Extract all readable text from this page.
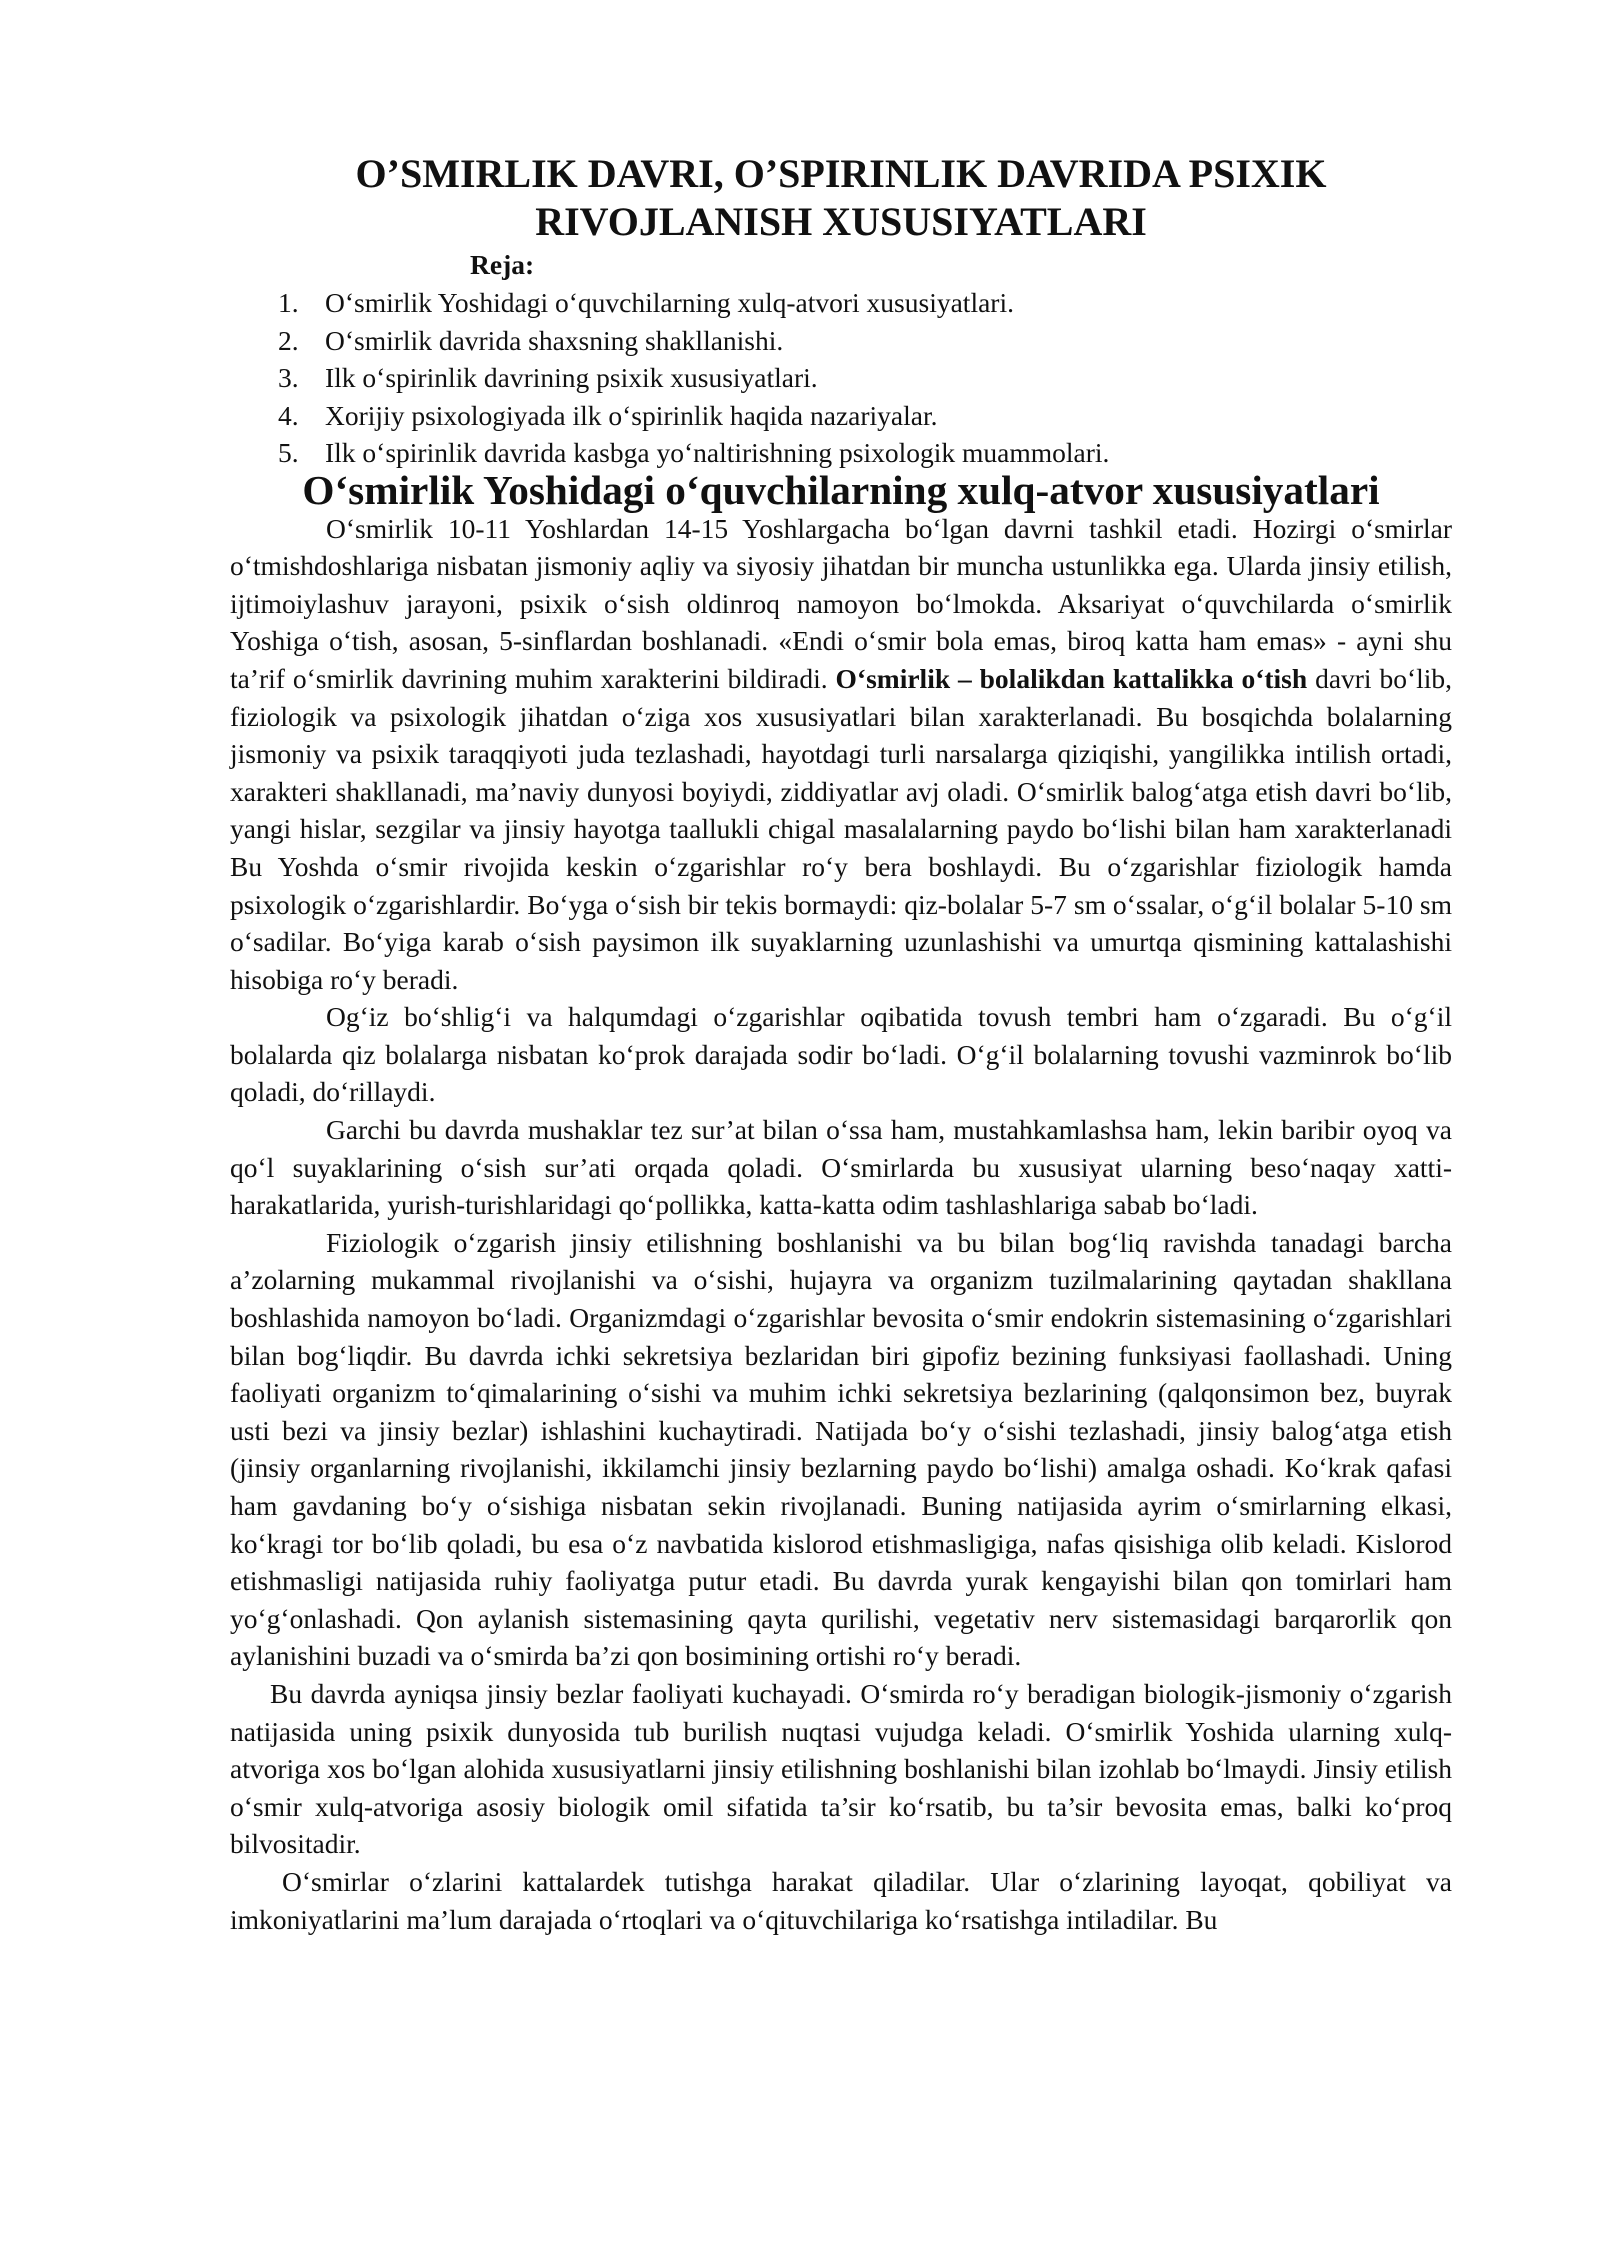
O’SMIRLIK DAVRI, O’SPIRINLIK DAVRIDA PSIXIK RIVOJLANISH XUSUSIYATLARI
Reja:
1. O‘smirlik Yoshidagi o‘quvchilarning xulq-atvori xususiyatlari.
2. O‘smirlik davrida shaxsning shakllanishi.
3. Ilk o‘spirinlik davrining psixik xususiyatlari.
4. Xorijiy psixologiyada ilk o‘spirinlik haqida nazariyalar.
5. Ilk o‘spirinlik davrida kasbga yo‘naltirishning psixologik muammolari.
O‘smirlik Yoshidagi o‘quvchilarning xulq-atvor xususiyatlari

O‘smirlik 10-11 Yoshlardan 14-15 Yoshlargacha bo‘lgan davrni tashkil etadi. Hozirgi o‘smirlar o‘tmishdoshlariga nisbatan jismoniy aqliy va siyosiy jihatdan bir muncha ustunlikka ega. Ularda jinsiy etilish, ijtimoiylashuv jarayoni, psixik o‘sish oldinroq namoyon bo‘lmokda. Aksariyat o‘quvchilarda o‘smirlik Yoshiga o‘tish, asosan, 5-sinflardan boshlanadi. «Endi o‘smir bola emas, biroq katta ham emas» - ayni shu ta’rif o‘smirlik davrining muhim xarakterini bildiradi. O‘smirlik – bolalikdan kattalikka o‘tish davri bo‘lib, fiziologik va psixologik jihatdan o‘ziga xos xususiyatlari bilan xarakterlanadi. Bu bosqichda bolalarning jismoniy va psixik taraqqiyoti juda tezlashadi, hayotdagi turli narsalarga qiziqishi, yangilikka intilish ortadi, xarakteri shakllanadi, ma’naviy dunyosi boyiydi, ziddiyatlar avj oladi. O‘smirlik balog‘atga etish davri bo‘lib, yangi hislar, sezgilar va jinsiy hayotga taallukli chigal masalalarning paydo bo‘lishi bilan ham xarakterlanadi Bu Yoshda o‘smir rivojida keskin o‘zgarishlar ro‘y bera boshlaydi. Bu o‘zgarishlar fiziologik hamda psixologik o‘zgarishlardir. Bo‘yga o‘sish bir tekis bormaydi: qiz-bolalar 5-7 sm o‘ssalar, o‘g‘il bolalar 5-10 sm o‘sadilar. Bo‘yiga karab o‘sish paysimon ilk suyaklarning uzunlashishi va umurtqa qismining kattalashishi hisobiga ro‘y beradi.

Og‘iz bo‘shlig‘i va halqumdagi o‘zgarishlar oqibatida tovush tembri ham o‘zgaradi. Bu o‘g‘il bolalarda qiz bolalarga nisbatan ko‘prok darajada sodir bo‘ladi. O‘g‘il bolalarning tovushi vazminrok bo‘lib qoladi, do‘rillaydi.

Garchi bu davrda mushaklar tez sur’at bilan o‘ssa ham, mustahkamlashsa ham, lekin baribir oyoq va qo‘l suyaklarining o‘sish sur’ati orqada qoladi. O‘smirlarda bu xususiyat ularning beso‘naqay xatti-harakatlarida, yurish-turishlaridagi qo‘pollikka, katta-katta odim tashlashlariga sabab bo‘ladi.

Fiziologik o‘zgarish jinsiy etilishning boshlanishi va bu bilan bog‘liq ravishda tanadagi barcha a’zolarning mukammal rivojlanishi va o‘sishi, hujayra va organizm tuzilmalarining qaytadan shakllana boshlashida namoyon bo‘ladi. Organizmdagi o‘zgarishlar bevosita o‘smir endokrin sistemasining o‘zgarishlari bilan bog‘liqdir. Bu davrda ichki sekretsiya bezlaridan biri gipofiz bezining funksiyasi faollashadi. Uning faoliyati organizm to‘qimalarining o‘sishi va muhim ichki sekretsiya bezlarining (qalqonsimon bez, buyrak usti bezi va jinsiy bezlar) ishlashini kuchaytiradi. Natijada bo‘y o‘sishi tezlashadi, jinsiy balog‘atga etish (jinsiy organlarning rivojlanishi, ikkilamchi jinsiy bezlarning paydo bo‘lishi) amalga oshadi. Ko‘krak qafasi ham gavdaning bo‘y o‘sishiga nisbatan sekin rivojlanadi. Buning natijasida ayrim o‘smirlarning elkasi, ko‘kragi tor bo‘lib qoladi, bu esa o‘z navbatida kislorod etishmasligiga, nafas qisishiga olib keladi. Kislorod etishmasligi natijasida ruhiy faoliyatga putur etadi. Bu davrda yurak kengayishi bilan qon tomirlari ham yo‘g‘onlashadi. Qon aylanish sistemasining qayta qurilishi, vegetativ nerv sistemasidagi barqarorlik qon aylanishini buzadi va o‘smirda ba’zi qon bosimining ortishi ro‘y beradi.

Bu davrda ayniqsa jinsiy bezlar faoliyati kuchayadi. O‘smirda ro‘y beradigan biologik-jismoniy o‘zgarish natijasida uning psixik dunyosida tub burilish nuqtasi vujudga keladi. O‘smirlik Yoshida ularning xulq-atvoriga xos bo‘lgan alohida xususiyatlarni jinsiy etilishning boshlanishi bilan izohlab bo‘lmaydi. Jinsiy etilish o‘smir xulq-atvoriga asosiy biologik omil sifatida ta’sir ko‘rsatib, bu ta’sir bevosita emas, balki ko‘proq bilvositadir.

O‘smirlar o‘zlarini kattalardek tutishga harakat qiladilar. Ular o‘zlarining layoqat, qobiliyat va imkoniyatlarini ma’lum darajada o‘rtoqlari va o‘qituvchilariga ko‘rsatishga intiladilar. Bu
